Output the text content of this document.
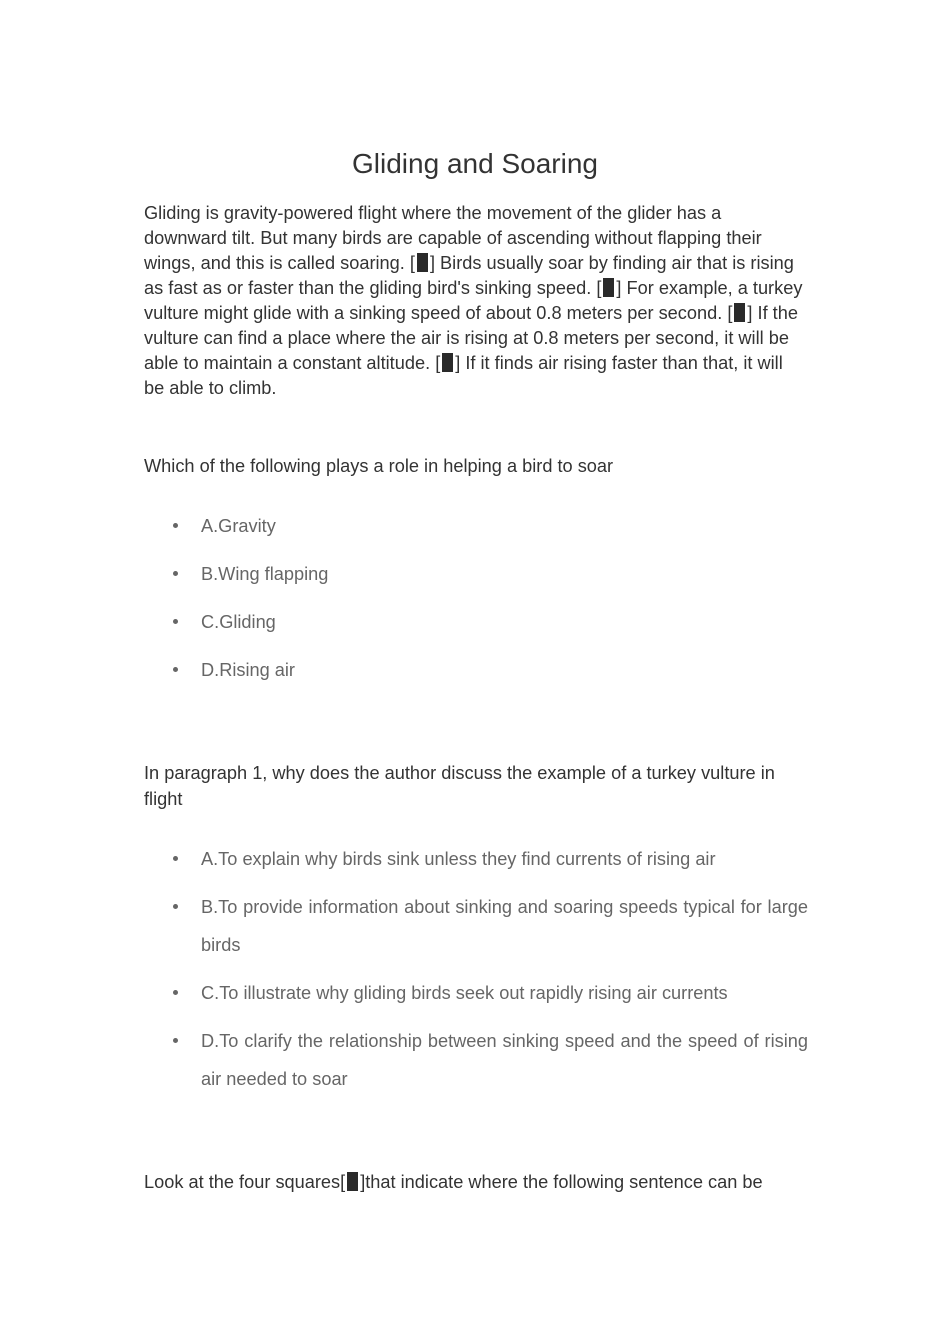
Gliding and Soaring

Gliding is gravity-powered flight where the movement of the glider has a downward tilt. But many birds are capable of ascending without flapping their wings, and this is called soaring. [ ] Birds usually soar by finding air that is rising as fast as or faster than the gliding bird's sinking speed. [ ] For example, a turkey vulture might glide with a sinking speed of about 0.8 meters per second. [ ] If the vulture can find a place where the air is rising at 0.8 meters per second, it will be able to maintain a constant altitude. [ ] If it finds air rising faster than that, it will be able to climb.

Which of the following plays a role in helping a bird to soar

A.Gravity
B.Wing flapping
C.Gliding
D.Rising air

In paragraph 1, why does the author discuss the example of a turkey vulture in flight

A.To explain why birds sink unless they find currents of rising air
B.To provide information about sinking and soaring speeds typical for large birds
C.To illustrate why gliding birds seek out rapidly rising air currents
D.To clarify the relationship between sinking speed and the speed of rising air needed to soar

Look at the four squares[ ]that indicate where the following sentence can be
